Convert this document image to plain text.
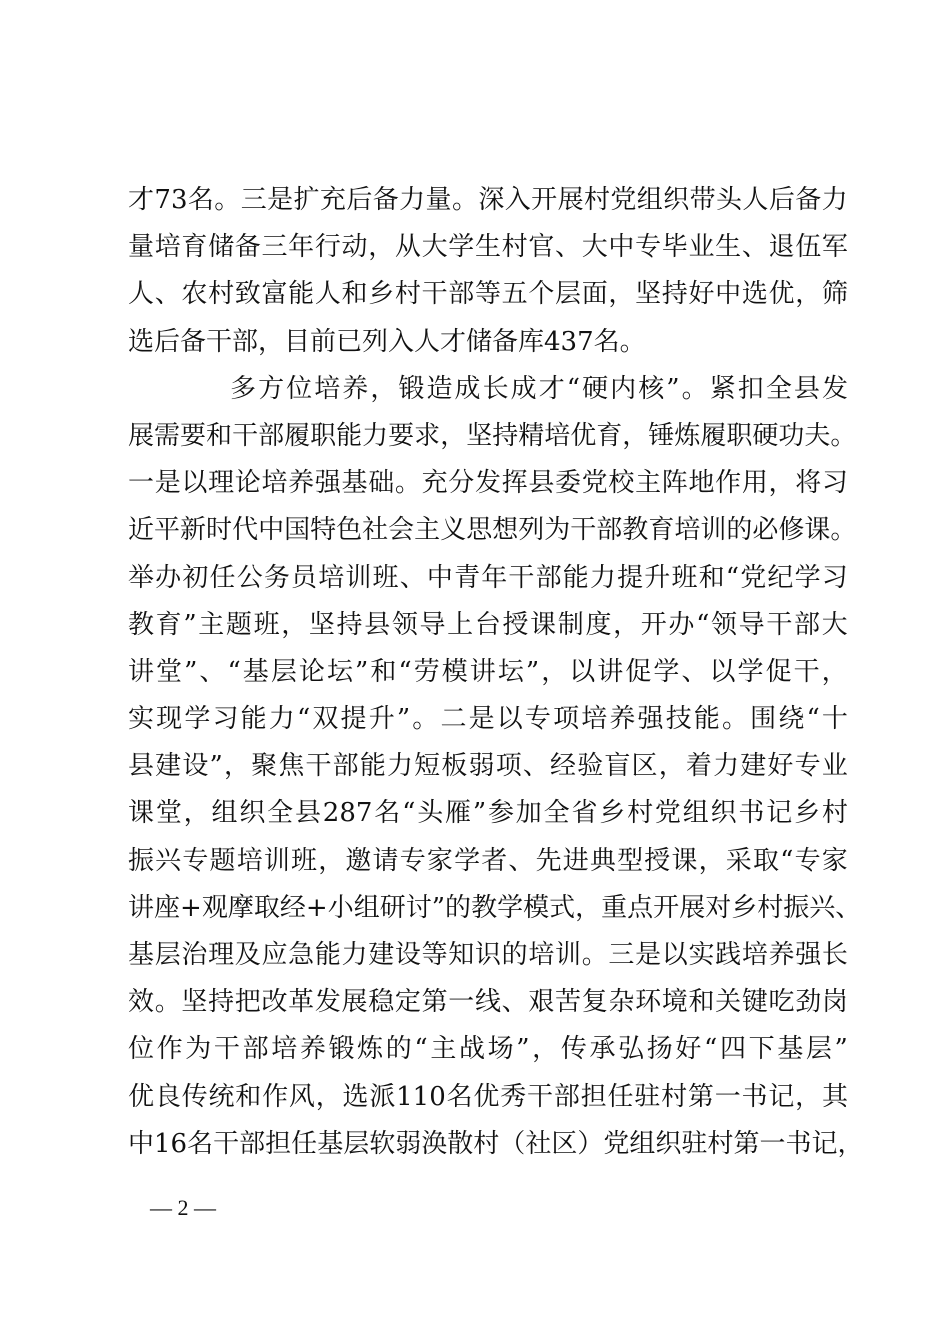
才 73 名 。 三 是 扩 充 后 备 力 量 。 深 入 开 展 村 党 组 织 带 头 人 后 备 力
量 培 育 储 备 三 年 行 动 ， 从 大 学 生 村 官 、 大 中 专 毕 业 生 、 退 伍 军
人 、 农 村 致 富 能 人 和 乡 村 干 部 等 五 个 层 面 ， 坚 持 好 中 选 优 ， 筛
选后备干部，目前已列入人才储备库437名。
多 方 位 培 养 ， 锻 造 成 长 成 才 “ 硬 内 核 ” 。 紧 扣 全 县 发
展 需 要 和 干 部 履 职 能 力 要 求 ， 坚 持 精 培 优 育 ， 锤 炼 履 职 硬 功 夫 。
一 是 以 理 论 培 养 强 基 础 。 充 分 发 挥 县 委 党 校 主 阵 地 作 用 ， 将 习
近 平 新 时 代 中 国 特 色 社 会 主 义 思 想 列 为 干 部 教 育 培 训 的 必 修 课 。
举 办 初 任 公 务 员 培 训 班 、 中 青 年 干 部 能 力 提 升 班 和 “ 党 纪 学 习
教 育 ” 主 题 班 ， 坚 持 县 领 导 上 台 授 课 制 度 ， 开 办 “ 领 导 干 部 大
讲 堂 ” 、 “ 基 层 论 坛 ” 和 “ 劳 模 讲 坛 ” ， 以 讲 促 学 、 以 学 促 干 ，
实 现 学 习 能 力 “ 双 提 升 ” 。 二 是 以 专 项 培 养 强 技 能 。 围 绕 “ 十
县 建 设 ” ， 聚 焦 干 部 能 力 短 板 弱 项 、 经 验 盲 区 ， 着 力 建 好 专 业
课 堂 ， 组 织 全 县 287 名 “ 头 雁 ” 参 加 全 省 乡 村 党 组 织 书 记 乡 村
振 兴 专 题 培 训 班 ， 邀 请 专 家 学 者 、 先 进 典 型 授 课 ， 采 取 “ 专 家
讲 座 + 观 摩 取 经 + 小 组 研 讨 ” 的 教 学 模 式 ， 重 点 开 展 对 乡 村 振 兴 、
基 层 治 理 及 应 急 能 力 建 设 等 知 识 的 培 训 。 三 是 以 实 践 培 养 强 长
效 。 坚 持 把 改 革 发 展 稳 定 第 一 线 、 艰 苦 复 杂 环 境 和 关 键 吃 劲 岗
位 作 为 干 部 培 养 锻 炼 的 “ 主 战 场 ” ， 传 承 弘 扬 好 “ 四 下 基 层 ”
优 良 传 统 和 作 风 ， 选 派 110 名 优 秀 干 部 担 任 驻 村 第 一 书 记 ， 其
中 16 名 干 部 担 任 基 层 软 弱 涣 散 村 （ 社 区 ） 党 组 织 驻 村 第 一 书 记 ，
— 2 —
